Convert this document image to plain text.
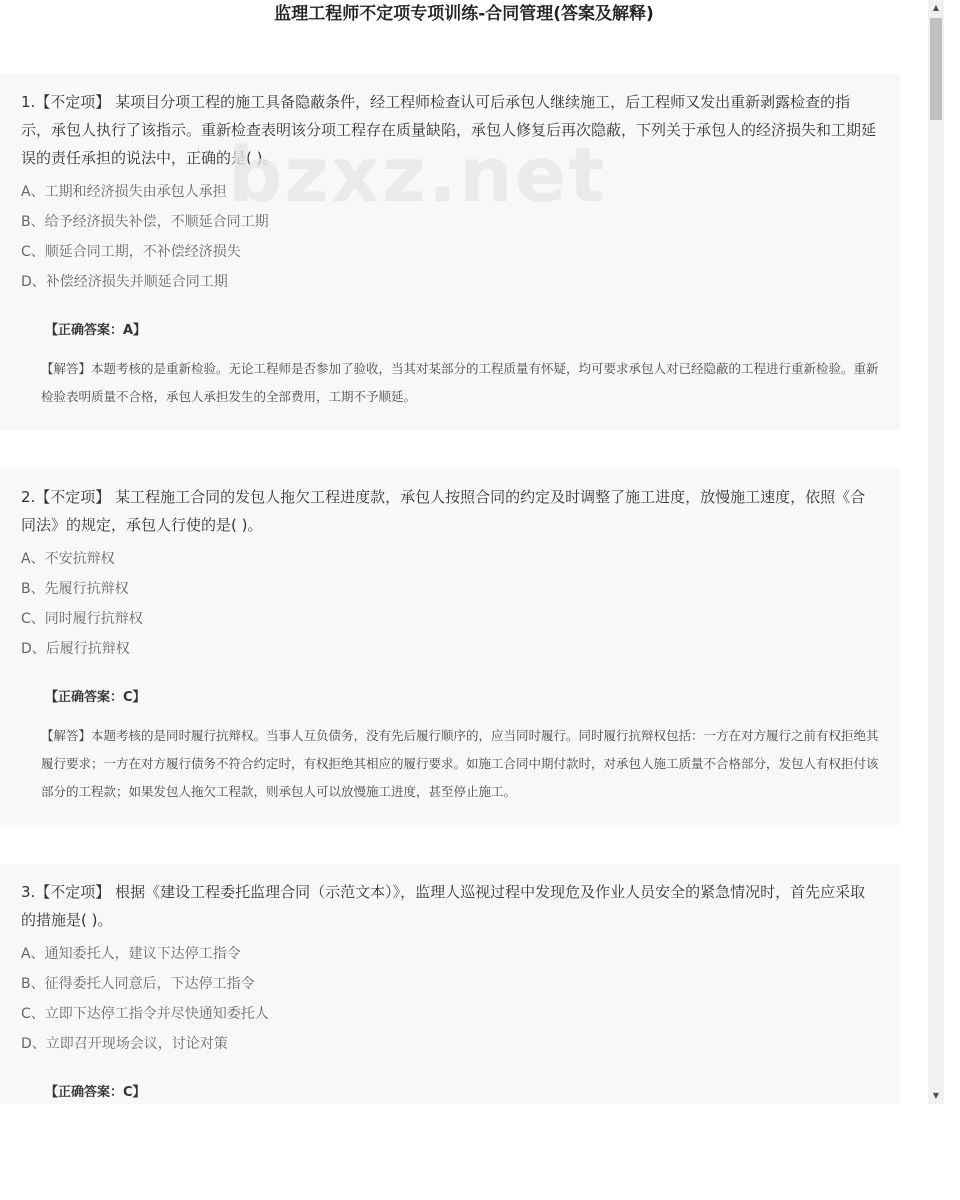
监理工程师不定项专项训练-合同管理(答案及解释)
bzxz.net

1.【不定项】 某项目分项工程的施工具备隐蔽条件，经工程师检查认可后承包人继续施工，后工程师又发出重新剥露检查的指示，承包人执行了该指示。重新检查表明该分项工程存在质量缺陷，承包人修复后再次隐蔽，下列关于承包人的经济损失和工期延误的责任承担的说法中，正确的是( )。

A、工期和经济损失由承包人承担
B、给予经济损失补偿，不顺延合同工期
C、顺延合同工期，不补偿经济损失
D、补偿经济损失并顺延合同工期
【正确答案：A】
【解答】本题考核的是重新检验。无论工程师是否参加了验收，当其对某部分的工程质量有怀疑，均可要求承包人对已经隐蔽的工程进行重新检验。重新检验表明质量不合格，承包人承担发生的全部费用，工期不予顺延。

2.【不定项】 某工程施工合同的发包人拖欠工程进度款，承包人按照合同的约定及时调整了施工进度，放慢施工速度，依照《合同法》的规定，承包人行使的是( )。

A、不安抗辩权
B、先履行抗辩权
C、同时履行抗辩权
D、后履行抗辩权
【正确答案：C】
【解答】本题考核的是同时履行抗辩权。当事人互负债务，没有先后履行顺序的，应当同时履行。同时履行抗辩权包括：一方在对方履行之前有权拒绝其履行要求；一方在对方履行债务不符合约定时，有权拒绝其相应的履行要求。如施工合同中期付款时，对承包人施工质量不合格部分，发包人有权拒付该部分的工程款；如果发包人拖欠工程款，则承包人可以放慢施工进度，甚至停止施工。

3.【不定项】 根据《建设工程委托监理合同（示范文本）》，监理人巡视过程中发现危及作业人员安全的紧急情况时，首先应采取的措施是( )。

A、通知委托人，建议下达停工指令
B、征得委托人同意后，下达停工指令
C、立即下达停工指令并尽快通知委托人
D、立即召开现场会议，讨论对策
【正确答案：C】
▲
▼
